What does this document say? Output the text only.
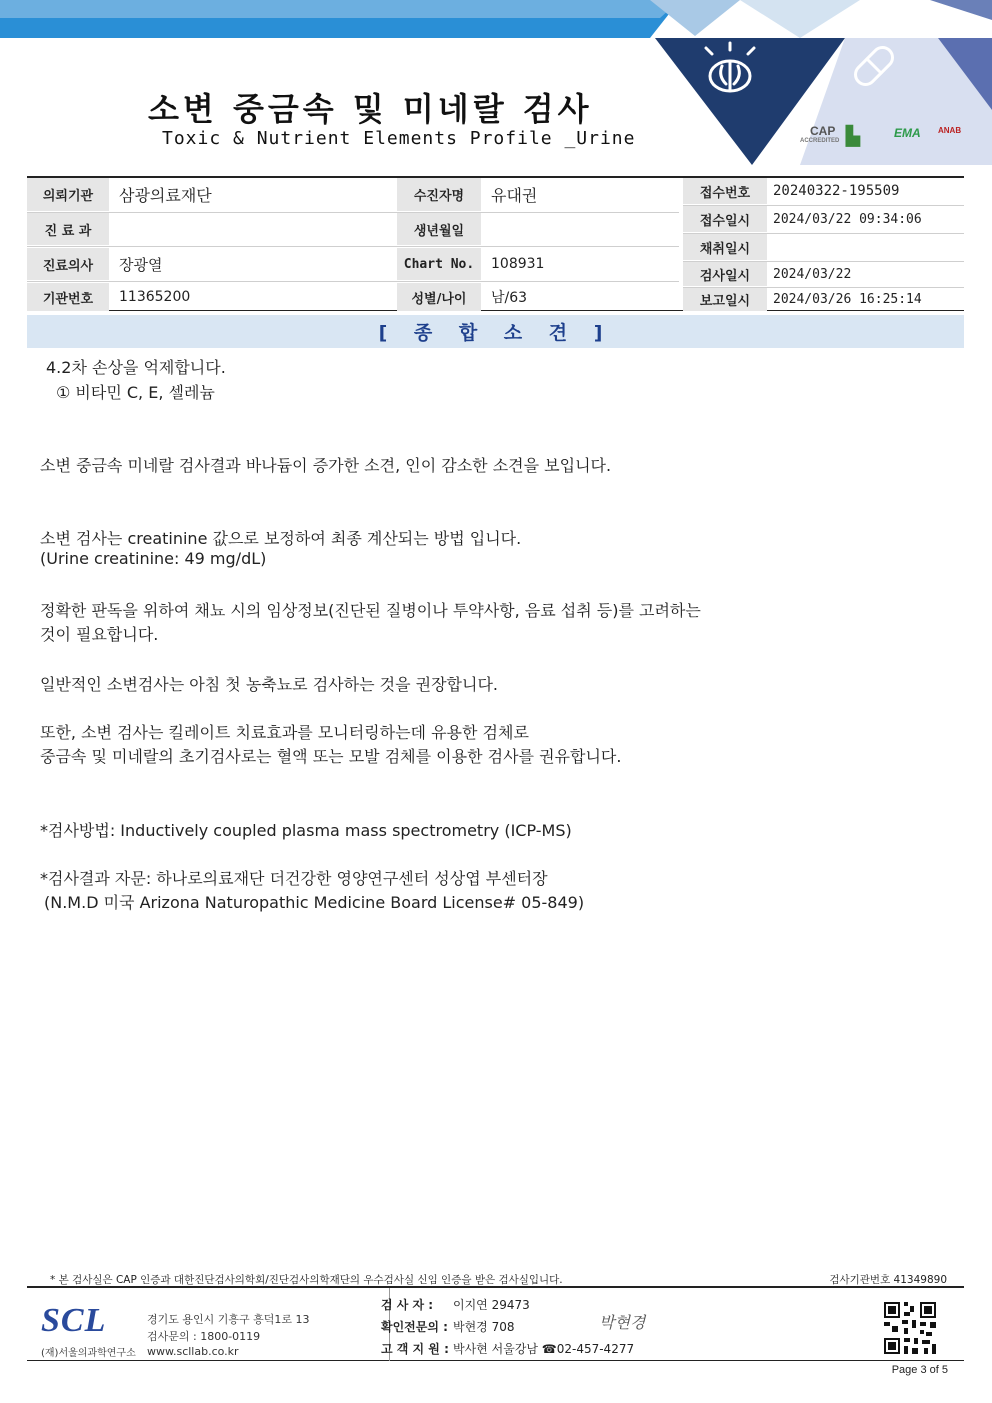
소변 중금속 및 미네랄 검사
Toxic & Nutrient Elements Profile _Urine	CAP
ACCREDITED ▙	EMA ANAB
의뢰기관	삼광의료재단
진 료 과
진료의사	장광열
기관번호	11365200
수진자명	유대권
생년월일
Chart No.	108931
성별/나이	남/63
접수번호	20240322-195509
접수일시	2024/03/22 09:34:06
채취일시
검사일시	2024/03/22
보고일시	2024/03/26 16:25:14
[ 종 합 소 견 ]
4.2차 손상을 억제합니다.
① 비타민 C, E, 셀레늄
소변 중금속 미네랄 검사결과 바나듐이 증가한 소견, 인이 감소한 소견을 보입니다.
소변 검사는 creatinine 값으로 보정하여 최종 계산되는 방법 입니다.
(Urine creatinine: 49 mg/dL)
정확한 판독을 위하여 채뇨 시의 임상정보(진단된 질병이나 투약사항, 음료 섭취 등)를 고려하는
것이 필요합니다.
일반적인 소변검사는 아침 첫 농축뇨로 검사하는 것을 권장합니다.
또한, 소변 검사는 킬레이트 치료효과를 모니터링하는데 유용한 검체로
중금속 및 미네랄의 초기검사로는 혈액 또는 모발 검체를 이용한 검사를 권유합니다.
*검사방법: Inductively coupled plasma mass spectrometry (ICP-MS)
*검사결과 자문: 하나로의료재단 더건강한 영양연구센터 성상엽 부센터장
(N.M.D 미국 Arizona Naturopathic Medicine Board License# 05-849)
* 본 검사실은 CAP 인증과 대한진단검사의학회/진단검사의학재단의 우수검사실 신임 인증을 받은 검사실입니다.	검사기관번호 41349890
SCL
(재)서울의과학연구소
경기도 용인시 기흥구 흥덕1로 13
검사문의 : 1800-0119
www.scllab.co.kr
검 사 자 : 이지연 29473
확인전문의 : 박현경 708
고 객 지 원 : 박사현 서울강남 ☎02-457-4277
박현경
Page 3 of 5
